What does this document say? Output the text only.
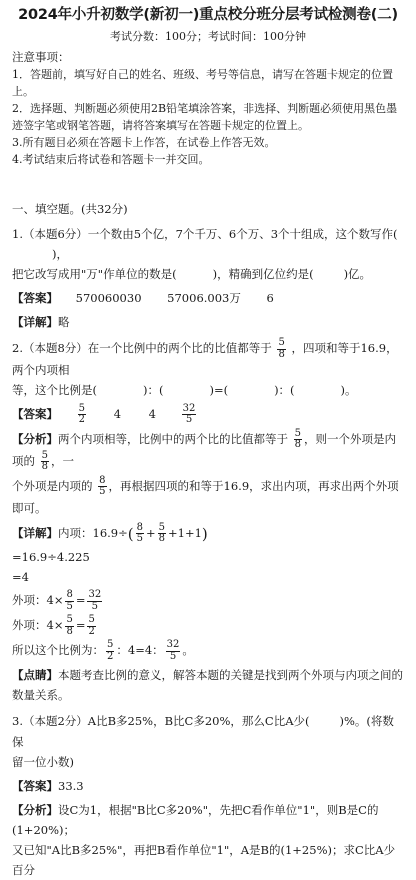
2024年小升初数学(新初一)重点校分班分层考试检测卷(二)
考试分数：100分；考试时间：100分钟
注意事项：

1．答题前，填写好自己的姓名、班级、考号等信息，请写在答题卡规定的位置上。

2．选择题、判断题必须使用2B铅笔填涂答案，非选择、判断题必须使用黑色墨迹签字笔或钢笔答题，请将答案填写在答题卡规定的位置上。

3.所有题目必须在答题卡上作答，在试卷上作答无效。

4.考试结束后将试卷和答题卡一并交回。

一、填空题。(共32分)
1.（本题6分）一个数由5个亿，7个千万、6个万、3个十组成，这个数写作()，
把它改写成用"万"作单位的数是(	)，精确到亿位约是(	)亿。
【答案】 570060030 57006.003万 6
【详解】略
2.（本题8分）在一个比例中的两个比的比值都等于 $\frac{5}{8}$ ，四项和等于16.9，两个内项相
等，这个比例是(　　　　)：(　　　　)=(　　　　)：(　　　　)。
【答案】 $\frac{5}{2} 4$ 4	$\frac{32}{5}$
【分析】两个内项相等，比例中的两个比的比值都等于 $\frac{5}{8}$ ，则一个外项是内项的 $\frac{5}{8}$ ，一
个外项是内项的 $\frac{8}{5}$ ，再根据四项的和等于16.9，求出内项，再求出两个外项即可。
【详解】内项：$16.9\div( \frac{8}{5} + \frac{5}{8} +1+1)$
=16.9÷4.225
=4
外项：$4\times \frac{8}{5} = \frac{32}{5}$
外项：$4\times \frac{5}{8} = \frac{5}{2}$
所以这个比例为： $\frac{5}{2}$ ：4=4： $\frac{32}{5}$ 。
【点睛】本题考查比例的意义，解答本题的关键是找到两个外项与内项之间的数量关系。
3.（本题2分）A比B多25%，B比C多20%，那么C比A少(	)%。(将数保
留一位小数)
【答案】33.3
【分析】设C为1，根据"B比C多20%"，先把C看作单位"1"，则B是C的(1+20%)；
又已知"A比B多25%"，再把B看作单位"1"，A是B的(1+25%)；求C比A少百分
